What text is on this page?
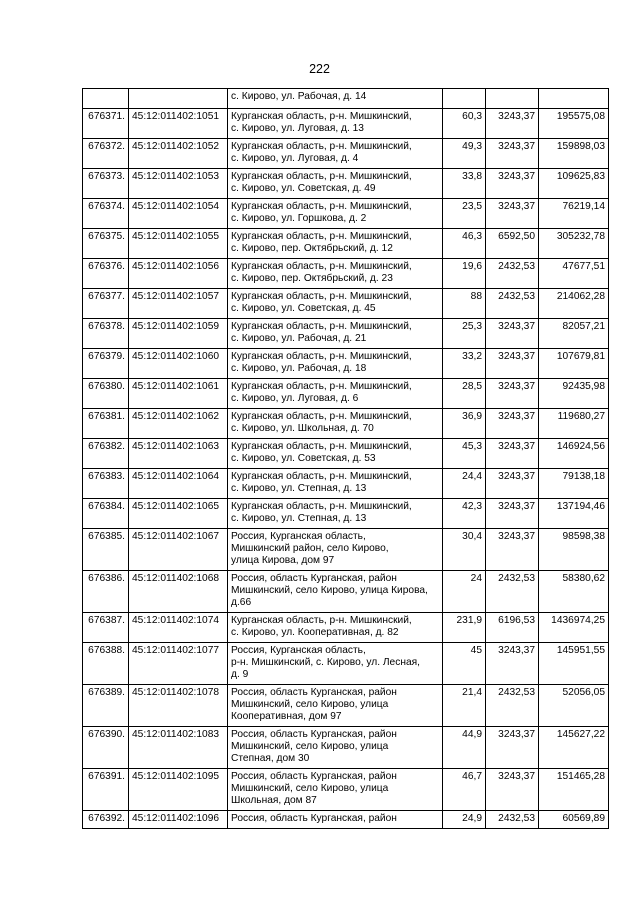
222
		с. Кирово, ул. Рабочая, д. 14			
676371.	45:12:011402:1051	Курганская область, р-н. Мишкинский,
с. Кирово, ул. Луговая, д. 13	60,3	3243,37	195575,08
676372.	45:12:011402:1052	Курганская область, р-н. Мишкинский,
с. Кирово, ул. Луговая, д. 4	49,3	3243,37	159898,03
676373.	45:12:011402:1053	Курганская область, р-н. Мишкинский,
с. Кирово, ул. Советская, д. 49	33,8	3243,37	109625,83
676374.	45:12:011402:1054	Курганская область, р-н. Мишкинский,
с. Кирово, ул. Горшкова, д. 2	23,5	3243,37	76219,14
676375.	45:12:011402:1055	Курганская область, р-н. Мишкинский,
с. Кирово, пер. Октябрьский, д. 12	46,3	6592,50	305232,78
676376.	45:12:011402:1056	Курганская область, р-н. Мишкинский,
с. Кирово, пер. Октябрьский, д. 23	19,6	2432,53	47677,51
676377.	45:12:011402:1057	Курганская область, р-н. Мишкинский,
с. Кирово, ул. Советская, д. 45	88	2432,53	214062,28
676378.	45:12:011402:1059	Курганская область, р-н. Мишкинский,
с. Кирово, ул. Рабочая, д. 21	25,3	3243,37	82057,21
676379.	45:12:011402:1060	Курганская область, р-н. Мишкинский,
с. Кирово, ул. Рабочая, д. 18	33,2	3243,37	107679,81
676380.	45:12:011402:1061	Курганская область, р-н. Мишкинский,
с. Кирово, ул. Луговая, д. 6	28,5	3243,37	92435,98
676381.	45:12:011402:1062	Курганская область, р-н. Мишкинский,
с. Кирово, ул. Школьная, д. 70	36,9	3243,37	119680,27
676382.	45:12:011402:1063	Курганская область, р-н. Мишкинский,
с. Кирово, ул. Советская, д. 53	45,3	3243,37	146924,56
676383.	45:12:011402:1064	Курганская область, р-н. Мишкинский,
с. Кирово, ул. Степная, д. 13	24,4	3243,37	79138,18
676384.	45:12:011402:1065	Курганская область, р-н. Мишкинский,
с. Кирово, ул. Степная, д. 13	42,3	3243,37	137194,46
676385.	45:12:011402:1067	Россия, Курганская область,
Мишкинский район, село Кирово,
улица Кирова, дом 97	30,4	3243,37	98598,38
676386.	45:12:011402:1068	Россия, область Курганская, район
Мишкинский, село Кирово, улица Кирова,
д.66	24	2432,53	58380,62
676387.	45:12:011402:1074	Курганская область, р-н. Мишкинский,
с. Кирово, ул. Кооперативная, д. 82	231,9	6196,53	1436974,25
676388.	45:12:011402:1077	Россия, Курганская область,
р-н. Мишкинский, с. Кирово, ул. Лесная,
д. 9	45	3243,37	145951,55
676389.	45:12:011402:1078	Россия, область Курганская, район
Мишкинский, село Кирово, улица
Кооперативная, дом 97	21,4	2432,53	52056,05
676390.	45:12:011402:1083	Россия, область Курганская, район
Мишкинский, село Кирово, улица
Степная, дом 30	44,9	3243,37	145627,22
676391.	45:12:011402:1095	Россия, область Курганская, район
Мишкинский, село Кирово, улица
Школьная, дом 87	46,7	3243,37	151465,28
676392.	45:12:011402:1096	Россия, область Курганская, район	24,9	2432,53	60569,89
